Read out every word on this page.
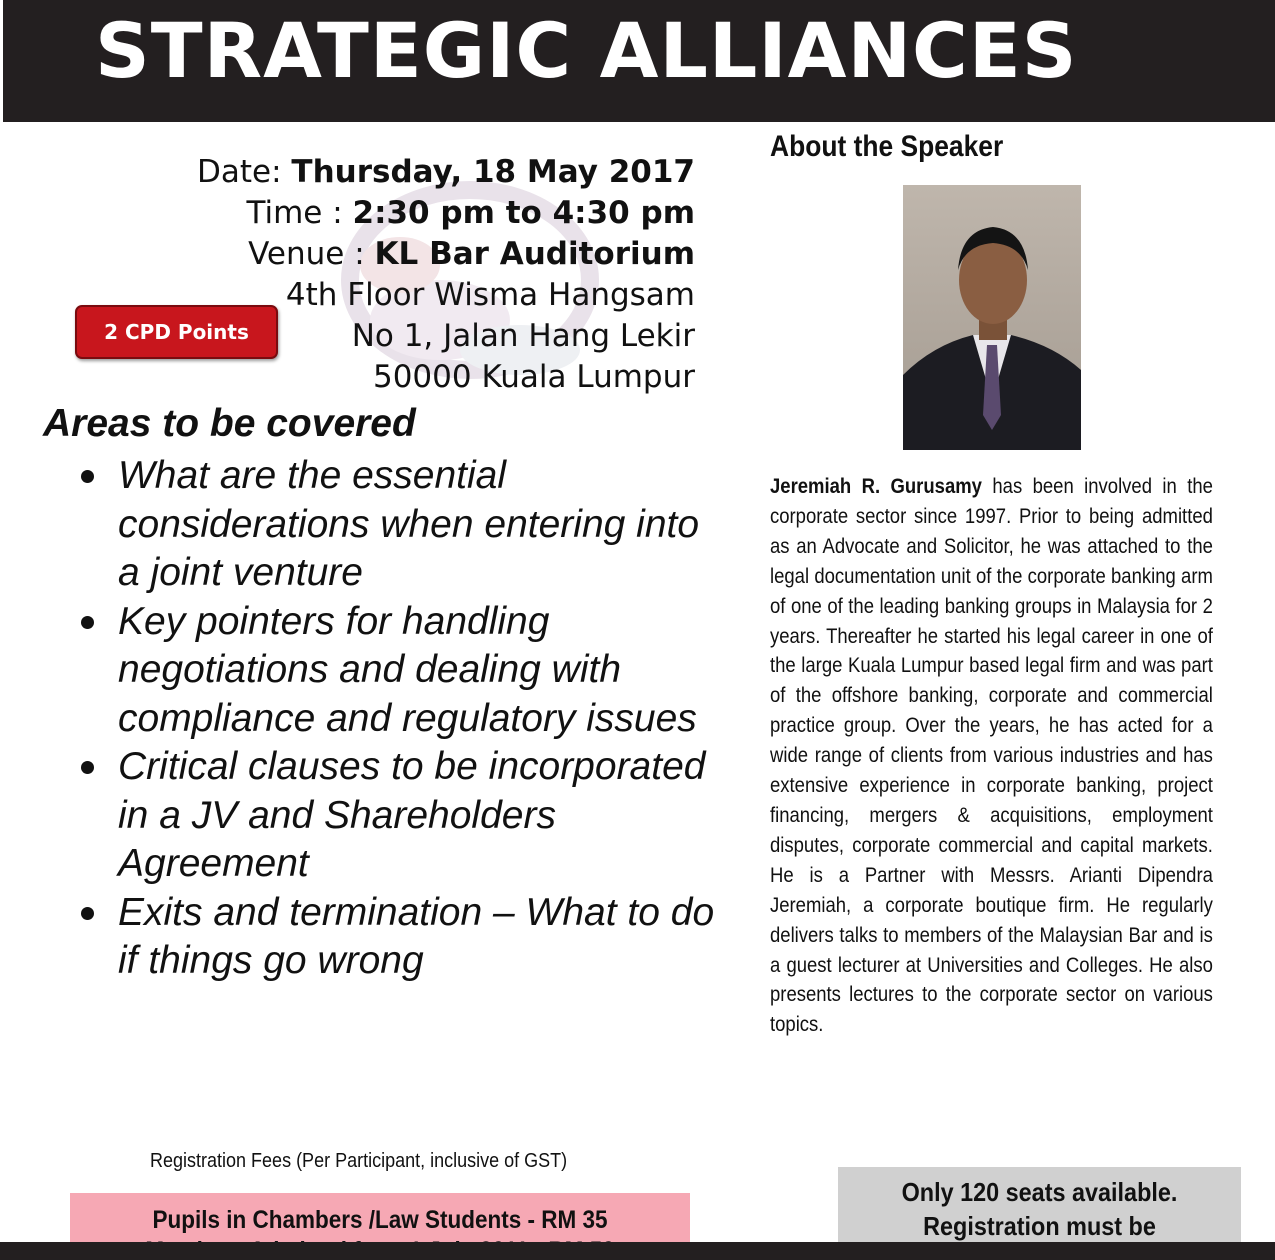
STRATEGIC ALLIANCES
Date: Thursday, 18 May 2017
Time : 2:30 pm to 4:30 pm
Venue : KL Bar Auditorium
4th Floor Wisma Hangsam
No 1, Jalan Hang Lekir
50000 Kuala Lumpur
2 CPD Points
Areas to be covered
What are the essential considerations when entering into a joint venture
Key pointers for handling negotiations and dealing with compliance and regulatory issues
Critical clauses to be incorporated in a JV and Shareholders Agreement
Exits and termination – What to do if things go wrong
About the Speaker
Jeremiah R. Gurusamy has been involved in the corporate sector since 1997. Prior to being admitted as an Advocate and Solicitor, he was attached to the legal documentation unit of the corporate banking arm of one of the leading banking groups in Malaysia for 2 years. Thereafter he started his legal career in one of the large Kuala Lumpur based legal firm and was part of the offshore banking, corporate and commercial practice group. Over the years, he has acted for a wide range of clients from various industries and has extensive experience in corporate banking, project financing, mergers & acquisitions, employment disputes, corporate commercial and capital markets. He is a Partner with Messrs. Arianti Dipendra Jeremiah, a corporate boutique firm. He regularly delivers talks to members of the Malaysian Bar and is a guest lecturer at Universities and Colleges. He also presents lectures to the corporate sector on various topics.
Registration Fees (Per Participant, inclusive of GST)
Pupils in Chambers /Law Students - RM 35
Only 120 seats available.
Registration must be
